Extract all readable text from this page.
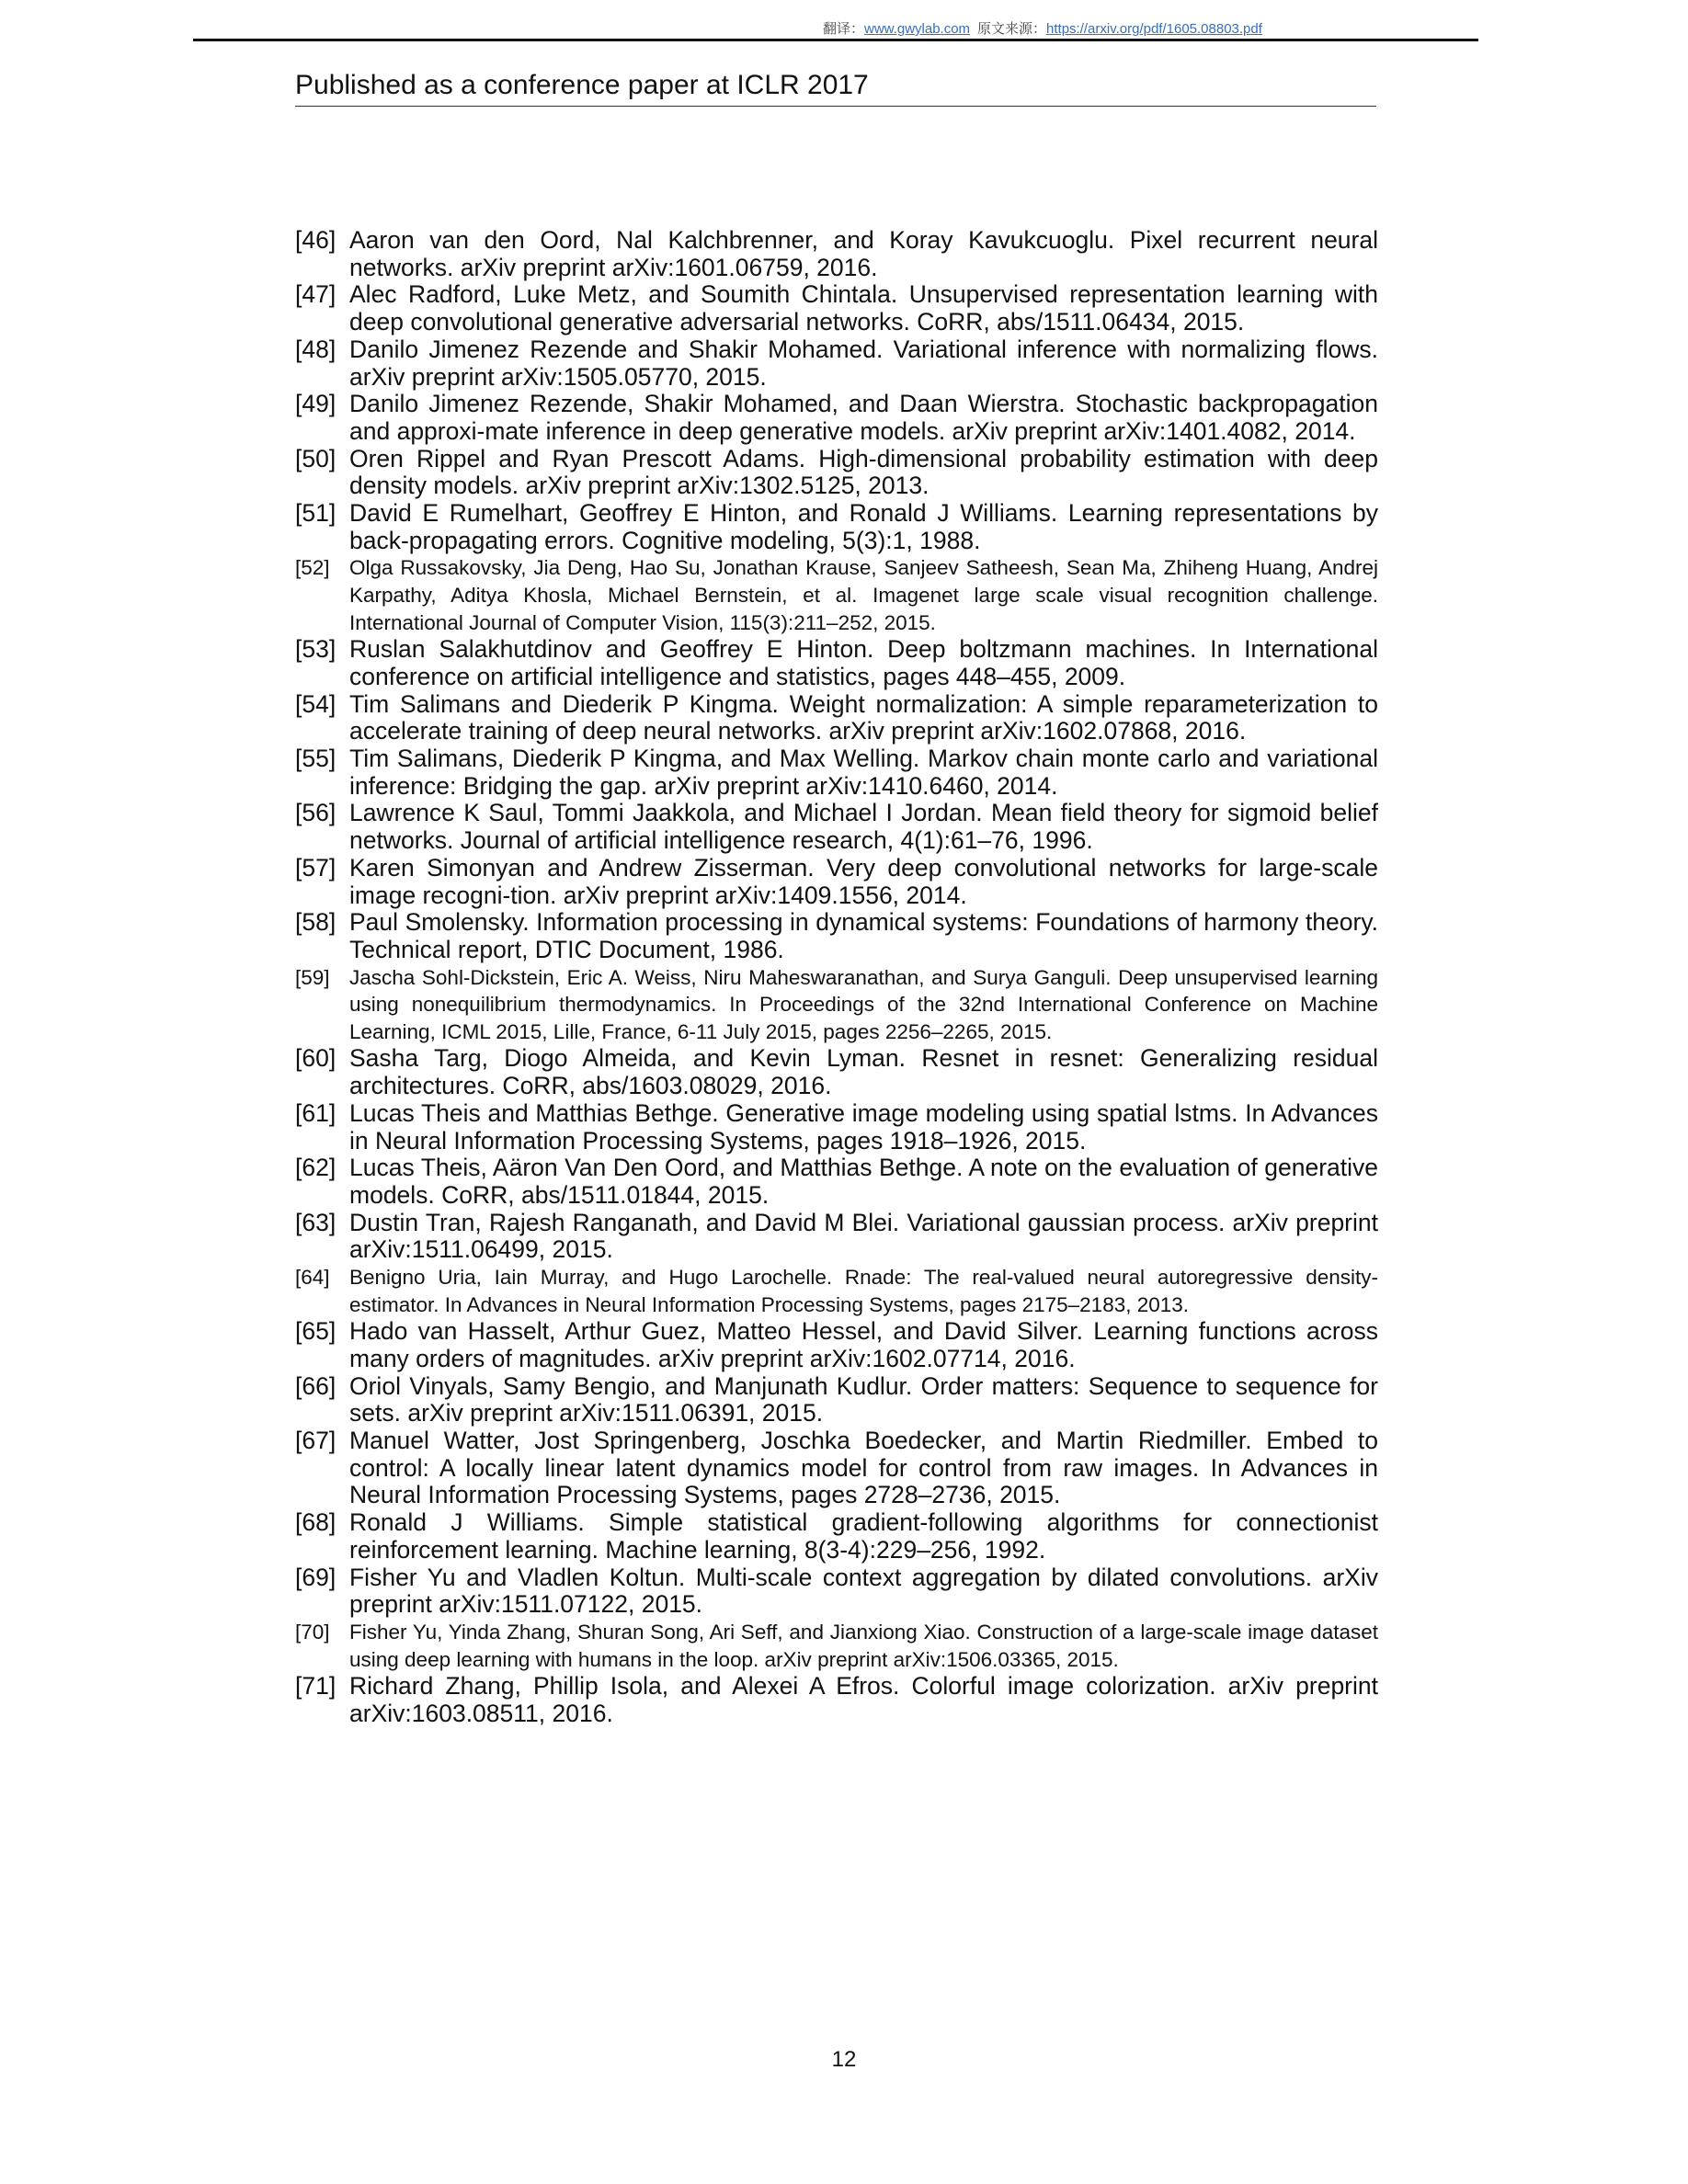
翻译：www.gwylab.com 原文来源：https://arxiv.org/pdf/1605.08803.pdf
Published as a conference paper at ICLR 2017

[46] Aaron van den Oord, Nal Kalchbrenner, and Koray Kavukcuoglu. Pixel recurrent neural networks. arXiv preprint arXiv:1601.06759, 2016.

[47] Alec Radford, Luke Metz, and Soumith Chintala. Unsupervised representation learning with deep convolutional generative adversarial networks. CoRR, abs/1511.06434, 2015.

[48] Danilo Jimenez Rezende and Shakir Mohamed. Variational inference with normalizing flows. arXiv preprint arXiv:1505.05770, 2015.

[49] Danilo Jimenez Rezende, Shakir Mohamed, and Daan Wierstra. Stochastic backpropagation and approxi-mate inference in deep generative models. arXiv preprint arXiv:1401.4082, 2014.

[50] Oren Rippel and Ryan Prescott Adams. High-dimensional probability estimation with deep density models. arXiv preprint arXiv:1302.5125, 2013.

[51] David E Rumelhart, Geoffrey E Hinton, and Ronald J Williams. Learning representations by back-propagating errors. Cognitive modeling, 5(3):1, 1988.

[52] Olga Russakovsky, Jia Deng, Hao Su, Jonathan Krause, Sanjeev Satheesh, Sean Ma, Zhiheng Huang, Andrej Karpathy, Aditya Khosla, Michael Bernstein, et al. Imagenet large scale visual recognition challenge. International Journal of Computer Vision, 115(3):211–252, 2015.

[53] Ruslan Salakhutdinov and Geoffrey E Hinton. Deep boltzmann machines. In International conference on artificial intelligence and statistics, pages 448–455, 2009.

[54] Tim Salimans and Diederik P Kingma. Weight normalization: A simple reparameterization to accelerate training of deep neural networks. arXiv preprint arXiv:1602.07868, 2016.

[55] Tim Salimans, Diederik P Kingma, and Max Welling. Markov chain monte carlo and variational inference: Bridging the gap. arXiv preprint arXiv:1410.6460, 2014.

[56] Lawrence K Saul, Tommi Jaakkola, and Michael I Jordan. Mean field theory for sigmoid belief networks. Journal of artificial intelligence research, 4(1):61–76, 1996.

[57] Karen Simonyan and Andrew Zisserman. Very deep convolutional networks for large-scale image recogni-tion. arXiv preprint arXiv:1409.1556, 2014.

[58] Paul Smolensky. Information processing in dynamical systems: Foundations of harmony theory. Technical report, DTIC Document, 1986.

[59] Jascha Sohl-Dickstein, Eric A. Weiss, Niru Maheswaranathan, and Surya Ganguli. Deep unsupervised learning using nonequilibrium thermodynamics. In Proceedings of the 32nd International Conference on Machine Learning, ICML 2015, Lille, France, 6-11 July 2015, pages 2256–2265, 2015.

[60] Sasha Targ, Diogo Almeida, and Kevin Lyman. Resnet in resnet: Generalizing residual architectures. CoRR, abs/1603.08029, 2016.

[61] Lucas Theis and Matthias Bethge. Generative image modeling using spatial lstms. In Advances in Neural Information Processing Systems, pages 1918–1926, 2015.

[62] Lucas Theis, Aäron Van Den Oord, and Matthias Bethge. A note on the evaluation of generative models. CoRR, abs/1511.01844, 2015.

[63] Dustin Tran, Rajesh Ranganath, and David M Blei. Variational gaussian process. arXiv preprint arXiv:1511.06499, 2015.

[64] Benigno Uria, Iain Murray, and Hugo Larochelle. Rnade: The real-valued neural autoregressive density-estimator. In Advances in Neural Information Processing Systems, pages 2175–2183, 2013.

[65] Hado van Hasselt, Arthur Guez, Matteo Hessel, and David Silver. Learning functions across many orders of magnitudes. arXiv preprint arXiv:1602.07714, 2016.

[66] Oriol Vinyals, Samy Bengio, and Manjunath Kudlur. Order matters: Sequence to sequence for sets. arXiv preprint arXiv:1511.06391, 2015.

[67] Manuel Watter, Jost Springenberg, Joschka Boedecker, and Martin Riedmiller. Embed to control: A locally linear latent dynamics model for control from raw images. In Advances in Neural Information Processing Systems, pages 2728–2736, 2015.

[68] Ronald J Williams. Simple statistical gradient-following algorithms for connectionist reinforcement learning. Machine learning, 8(3-4):229–256, 1992.

[69] Fisher Yu and Vladlen Koltun. Multi-scale context aggregation by dilated convolutions. arXiv preprint arXiv:1511.07122, 2015.

[70] Fisher Yu, Yinda Zhang, Shuran Song, Ari Seff, and Jianxiong Xiao. Construction of a large-scale image dataset using deep learning with humans in the loop. arXiv preprint arXiv:1506.03365, 2015.

[71] Richard Zhang, Phillip Isola, and Alexei A Efros. Colorful image colorization. arXiv preprint arXiv:1603.08511, 2016.

12
